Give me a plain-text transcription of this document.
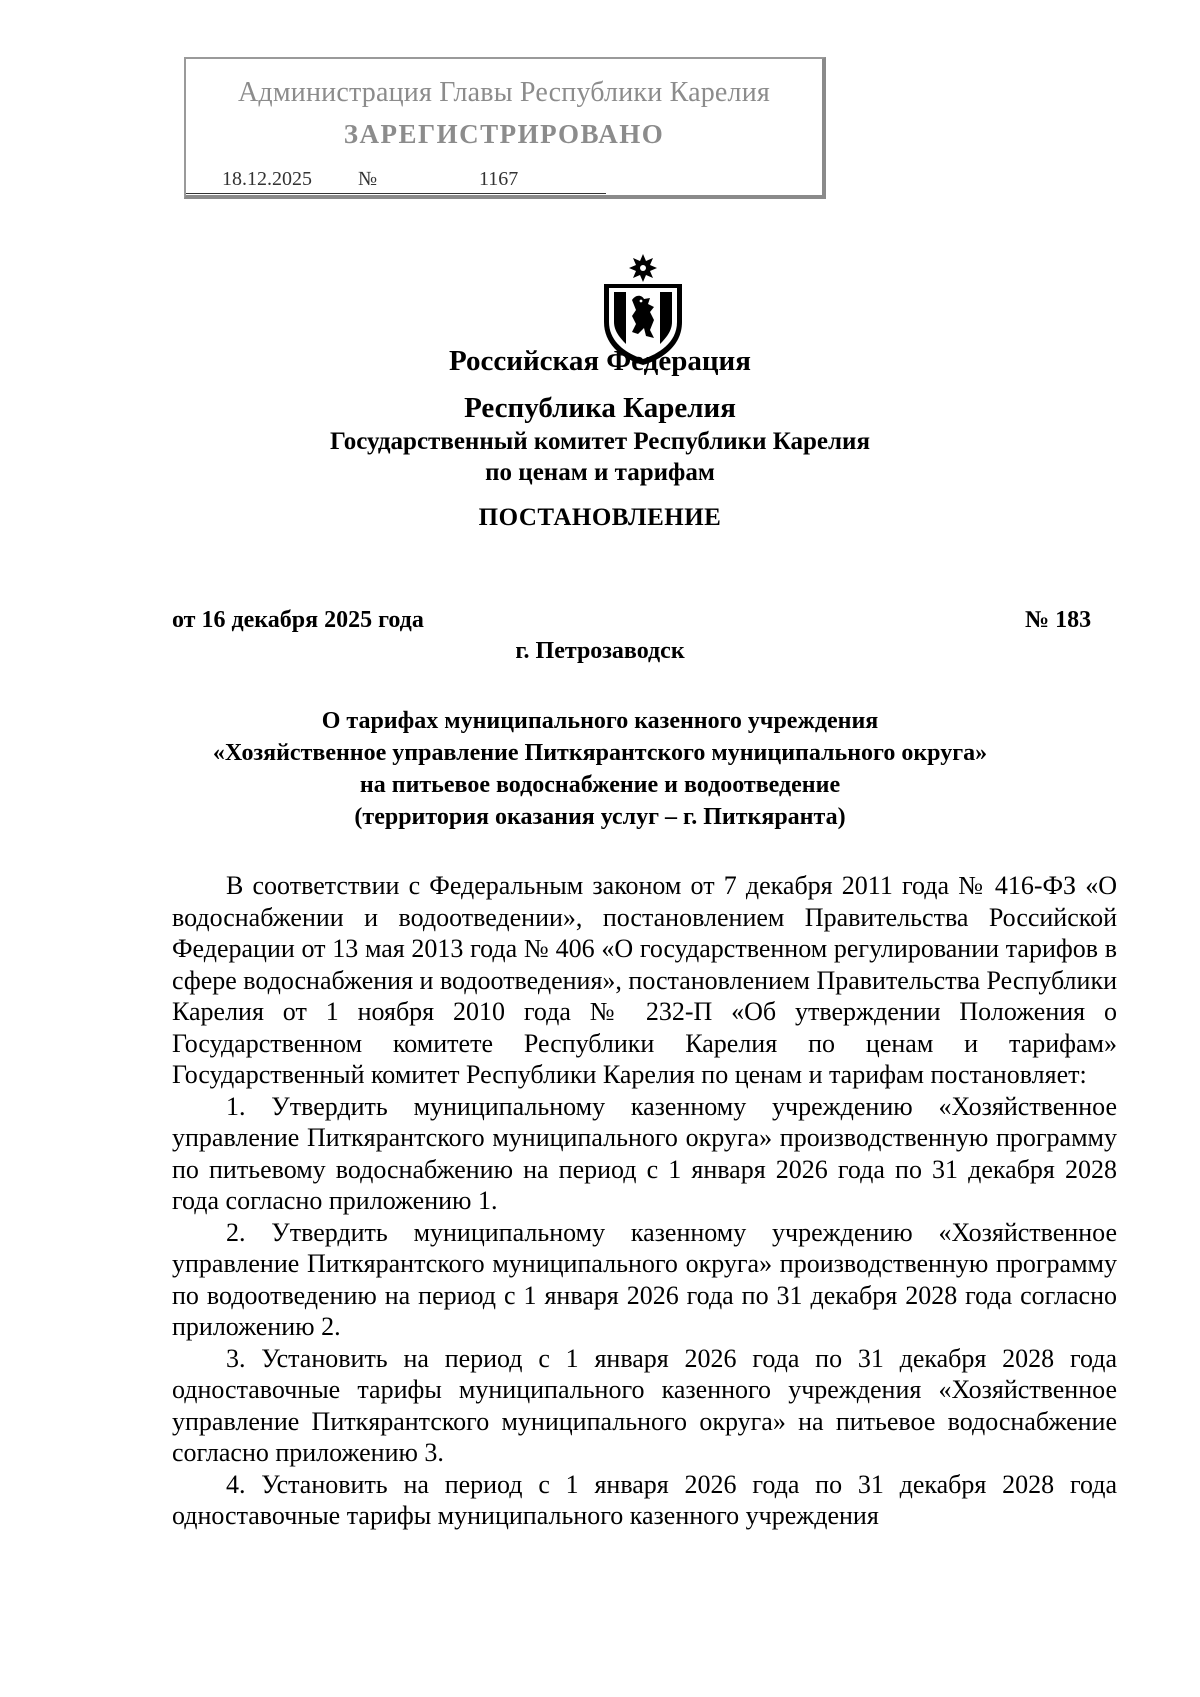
Администрация Главы Республики Карелия
ЗАРЕГИСТРИРОВАНО
18.12.2025 №	1167
Российская Федерация
Республика Карелия
Государственный комитет Республики Карелия
по ценам и тарифам
ПОСТАНОВЛЕНИЕ
от 16 декабря 2025 года	№ 183
г. Петрозаводск
О тарифах муниципального казенного учреждения
«Хозяйственное управление Питкярантского муниципального округа»
на питьевое водоснабжение и водоотведение
(территория оказания услуг – г. Питкяранта)

В соответствии с Федеральным законом от 7 декабря 2011 года № 416-ФЗ «О водоснабжении и водоотведении», постановлением Правительства Российской Федерации от 13 мая 2013 года № 406 «О государственном регулировании тарифов в сфере водоснабжения и водоотведения», постановлением Правительства Республики Карелия от 1 ноября 2010 года № 232-П «Об утверждении Положения о Государственном комитете Республики Карелия по ценам и тарифам» Государственный комитет Республики Карелия по ценам и тарифам постановляет:

1. Утвердить муниципальному казенному учреждению «Хозяйственное управление Питкярантского муниципального округа» производственную программу по питьевому водоснабжению на период с 1 января 2026 года по 31 декабря 2028 года согласно приложению 1.

2. Утвердить муниципальному казенному учреждению «Хозяйственное управление Питкярантского муниципального округа» производственную программу по водоотведению на период с 1 января 2026 года по 31 декабря 2028 года согласно приложению 2.

3. Установить на период с 1 января 2026 года по 31 декабря 2028 года одноставочные тарифы муниципального казенного учреждения «Хозяйственное управление Питкярантского муниципального округа» на питьевое водоснабжение согласно приложению 3.

4. Установить на период с 1 января 2026 года по 31 декабря 2028 года одноставочные тарифы муниципального казенного учреждения
